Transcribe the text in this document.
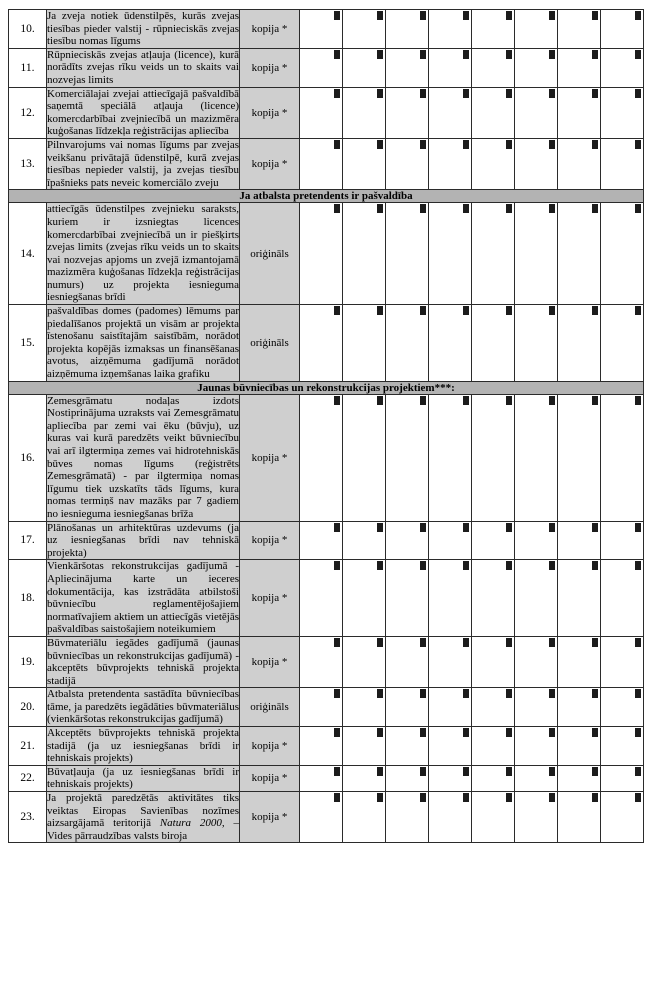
10.	Ja zveja notiek ūdenstilpēs, kurās zvejas tiesības pieder valstij - rūpnieciskās zvejas tiesību nomas līgums	kopija *	

11.	Rūpnieciskās zvejas atļauja (licence), kurā norādīts zvejas rīku veids un to skaits vai nozvejas limits	kopija *	

12.	Komerciālajai zvejai attiecīgajā pašvaldībā saņemtā speciālā atļauja (licence) komercdarbībai zvejniecībā un mazizmēra kuģošanas līdzekļa reģistrācijas apliecība	kopija *	

13.	Pilnvarojums vai nomas līgums par zvejas veikšanu privātajā ūdenstilpē, kurā zvejas tiesības nepieder valstij, ja zvejas tiesību īpašnieks pats neveic komerciālo zveju	kopija *	

Ja atbalsta pretendents ir pašvaldība										
14.	attiecīgās ūdenstilpes zvejnieku saraksts, kuriem ir izsniegtas licences komercdarbībai zvejniecībā un ir piešķirts zvejas limits (zvejas rīku veids un to skaits vai nozvejas apjoms un zvejā izmantojamā mazizmēra kuģošanas līdzekļa reģistrācijas numurs) uz projekta iesnieguma iesniegšanas brīdi	oriģināls	

15.	pašvaldības domes (padomes) lēmums par piedalīšanos projektā un visām ar projekta īstenošanu saistītajām saistībām, norādot projekta kopējās izmaksas un finansēšanas avotus, aizņēmuma gadījumā norādot aizņēmuma izņemšanas laika grafiku	oriģināls	

Jaunas būvniecības un rekonstrukcijas projektiem***:										
16.	Zemesgrāmatu nodaļas izdots Nostiprinājuma uzraksts vai Zemesgrāmatu apliecība par zemi vai ēku (būvju), uz kuras vai kurā paredzēts veikt būvniecību vai arī ilgtermiņa zemes vai hidrotehniskās būves nomas līgums (reģistrēts Zemesgrāmatā) - par ilgtermiņa nomas līgumu tiek uzskatīts tāds līgums, kura nomas termiņš nav mazāks par 7 gadiem no iesnieguma iesniegšanas brīža	kopija *	

17.	Plānošanas un arhitektūras uzdevums (ja uz iesniegšanas brīdi nav tehniskā projekta)	kopija *	

18.	Vienkāršotas rekonstrukcijas gadījumā - Apliecinājuma karte un ieceres dokumentācija, kas izstrādāta atbilstoši būvniecību reglamentējošajiem normatīvajiem aktiem un attiecīgās vietējās pašvaldības saistošajiem noteikumiem	kopija *	

19.	Būvmateriālu iegādes gadījumā (jaunas būvniecības un rekonstrukcijas gadījumā) -akceptēts būvprojekts tehniskā projekta stadijā	kopija *	

20.	Atbalsta pretendenta sastādīta būvniecības tāme, ja paredzēts iegādāties būvmateriālus (vienkāršotas rekonstrukcijas gadījumā)	oriģināls	

21.	Akceptēts būvprojekts tehniskā projekta stadijā (ja uz iesniegšanas brīdi ir tehniskais projekts)	kopija *	

22.	Būvatļauja (ja uz iesniegšanas brīdi ir tehniskais projekts)	kopija *	

23.	Ja projektā paredzētās aktivitātes tiks veiktas Eiropas Savienības nozīmes aizsargājamā teritorijā Natura 2000, – Vides pārraudzības valsts biroja	kopija *	
